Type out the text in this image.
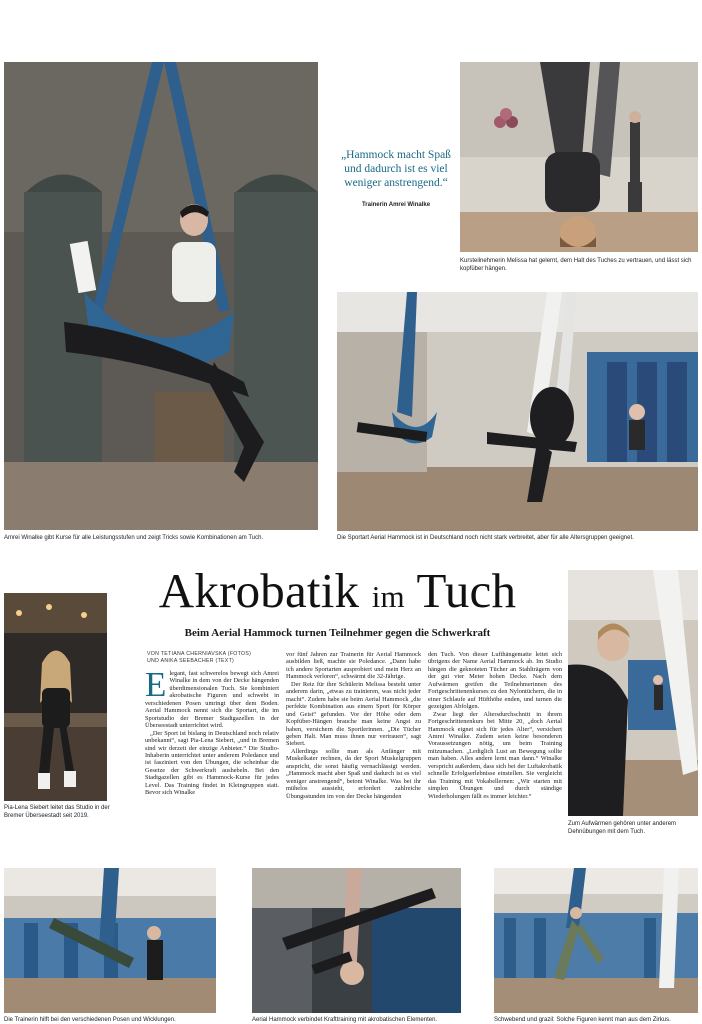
Amrei Winalke gibt Kurse für alle Leistungsstufen und zeigt Tricks sowie Kombinationen am Tuch.
„Hammock macht Spaß und dadurch ist es viel weniger anstrengend.“
Trainerin Amrei Winalke
Kursteilnehmerin Melissa hat gelernt, dem Halt des Tuches zu vertrauen, und lässt sich kopfüber hängen.
Die Sportart Aerial Hammock ist in Deutschland noch nicht stark verbreitet, aber für alle Altersgruppen geeignet.
Akrobatik im Tuch
Beim Aerial Hammock turnen Teilnehmer gegen die Schwerkraft
Pia-Lena Siebert leitet das Studio in der Bremer Überseestadt seit 2019.
VON TETIANA CHERNIAVSKA (FOTOS)
UND ANIKA SEEBACHER (TEXT)
E legant, fast schwerelos bewegt sich Amrei Winalke in dem von der Decke hängenden überdimensionalen Tuch. Sie kombiniert akrobatische Figuren und schwebt in verschiedenen Posen umringt über dem Boden. Aerial Hammock nennt sich die Sportart, die im Sportstudio der Bremer Stadtgazellen in der Überseestadt unterrichtet wird.

„Der Sport ist bislang in Deutschland noch relativ unbekannt“, sagt Pia-Lena Siebert, „und in Bremen sind wir derzeit der einzige Anbieter.“ Die Studio-Inhaberin unterrichtet unter anderem Poledance und ist fasziniert von den Übungen, die scheinbar die Gesetze der Schwerkraft aushebeln. Bei den Stadtgazellen gibt es Hammock-Kurse für jedes Level. Das Training findet in Kleingruppen statt. Bevor sich Winalke

vor fünf Jahren zur Trainerin für Aerial Hammock ausbilden ließ, machte sie Poledance. „Dann habe ich andere Sportarten ausprobiert und mein Herz an Hammock verloren“, schwärmt die 32-Jährige.

Der Reiz für ihre Schülerin Melissa besteht unter anderem darin, „etwas zu trainieren, was nicht jeder macht“. Zudem habe sie beim Aerial Hammock „die perfekte Kombination aus einem Sport für Körper und Geist“ gefunden. Vor der Höhe oder dem Kopfüber-Hängen brauche man keine Angst zu haben, versichern die Sportlerinnen. „Die Tücher geben Halt. Man muss ihnen nur vertrauen“, sagt Siebert.

Allerdings sollte man als Anfänger mit Muskelkater rechnen, da der Sport Muskelgruppen anspricht, die sonst häufig vernachlässigt werden. „Hammock macht aber Spaß und dadurch ist es viel weniger anstrengend“, betont Winalke. Was bei ihr mühelos aussieht, erfordert zahlreiche Übungsstunden im von der Decke hängenden

den Tuch. Von dieser Lufthängematte leitet sich übrigens der Name Aerial Hammock ab. Im Studio hängen die geknoteten Tücher an Stahlträgern von der gut vier Meter hohen Decke. Nach dem Aufwärmen greifen die Teilnehmerinnen des Fortgeschrittenenkurses zu den Nylontüchern, die in einer Schlaufe auf Hüfthöhe enden, und turnen die gezeigten Abfolgen.

Zwar liegt der Altersdurchschnitt in ihrem Fortgeschrittenenkurs bei Mitte 20, „doch Aerial Hammock eignet sich für jedes Alter“, versichert Amrei Winalke. Zudem seien keine besonderen Voraussetzungen nötig, um beim Training mitzumachen. „Lediglich Lust an Bewegung sollte man haben. Alles andere lernt man dann.“ Winalke verspricht außerdem, dass sich bei der Luftakrobatik schnelle Erfolgserlebnisse einstellen. Sie vergleicht das Training mit Vokabellernen: „Wir starten mit simplen Übungen und durch ständige Wiederholungen fällt es immer leichter.“

Zum Aufwärmen gehören unter anderem Dehnübungen mit dem Tuch.
Die Trainerin hilft bei den verschiedenen Posen und Wicklungen.	Aerial Hammock verbindet Krafttraining mit akrobatischen Elementen.	Schwebend und grazil: Solche Figuren kennt man aus dem Zirkus.
